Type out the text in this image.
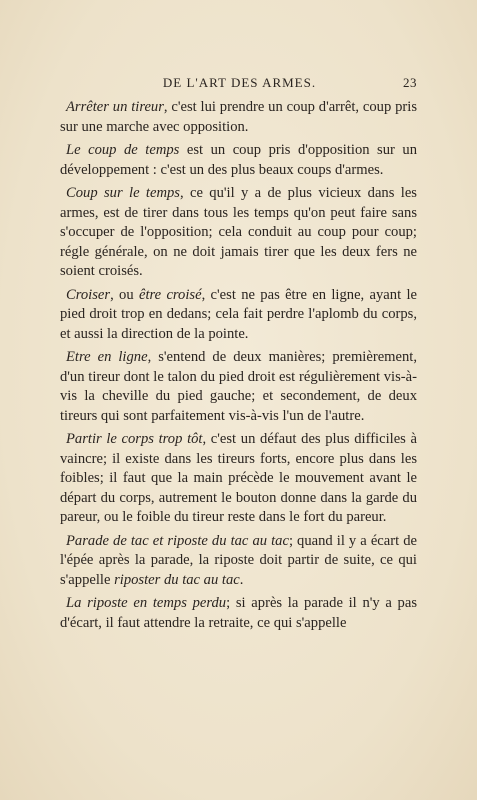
DE L'ART DES ARMES.	23

Arrêter un tireur, c'est lui prendre un coup d'arrêt, coup pris sur une marche avec opposition.

Le coup de temps est un coup pris d'opposition sur un développement : c'est un des plus beaux coups d'armes.

Coup sur le temps, ce qu'il y a de plus vicieux dans les armes, est de tirer dans tous les temps qu'on peut faire sans s'occuper de l'opposition; cela conduit au coup pour coup; régle générale, on ne doit jamais tirer que les deux fers ne soient croisés.

Croiser, ou être croisé, c'est ne pas être en ligne, ayant le pied droit trop en dedans; cela fait perdre l'aplomb du corps, et aussi la direction de la pointe.

Etre en ligne, s'entend de deux manières; premièrement, d'un tireur dont le talon du pied droit est régulièrement vis-à-vis la cheville du pied gauche; et secondement, de deux tireurs qui sont parfaitement vis-à-vis l'un de l'autre.

Partir le corps trop tôt, c'est un défaut des plus difficiles à vaincre; il existe dans les tireurs forts, encore plus dans les foibles; il faut que la main précède le mouvement avant le départ du corps, autrement le bouton donne dans la garde du pareur, ou le foible du tireur reste dans le fort du pareur.

Parade de tac et riposte du tac au tac; quand il y a écart de l'épée après la parade, la riposte doit partir de suite, ce qui s'appelle riposter du tac au tac.

La riposte en temps perdu; si après la parade il n'y a pas d'écart, il faut attendre la retraite, ce qui s'appelle
